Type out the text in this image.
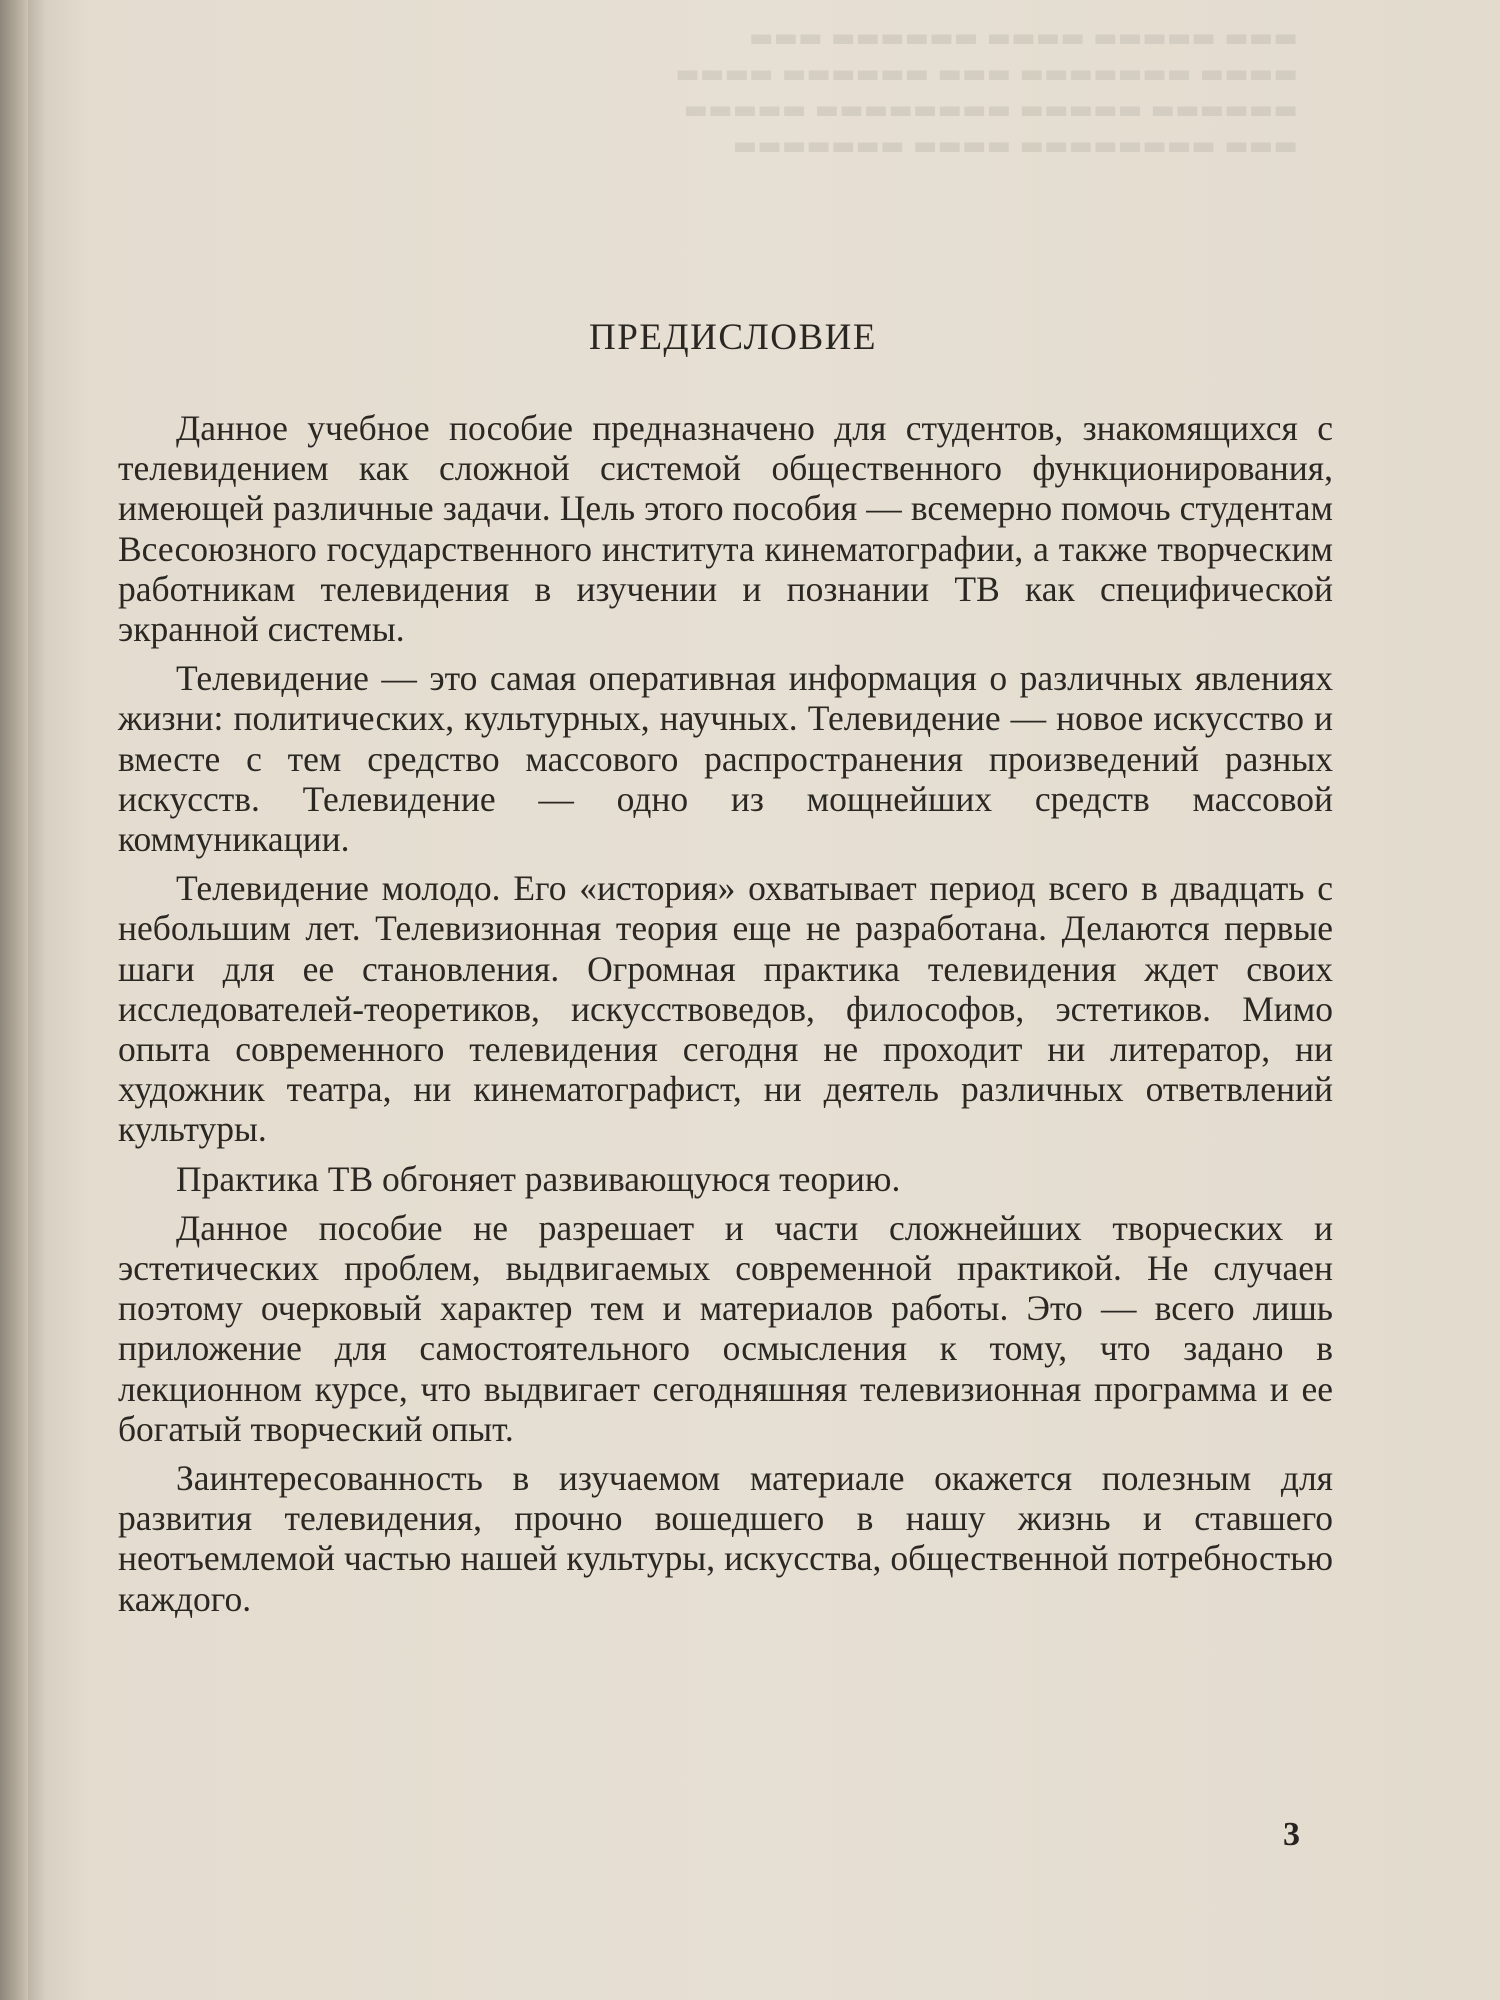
▬▬▬ ▬▬▬▬▬ ▬▬▬▬ ▬▬▬▬▬▬ ▬▬▬
▬▬▬▬ ▬▬▬▬▬▬▬ ▬▬▬ ▬▬▬▬▬▬ ▬▬▬▬
▬▬▬▬▬▬ ▬▬▬▬▬ ▬▬▬▬▬▬▬▬ ▬▬▬▬▬
▬▬▬ ▬▬▬▬▬▬▬▬ ▬▬▬▬ ▬▬▬▬▬▬▬
ПРЕДИСЛОВИЕ

Данное учебное пособие предназначено для студентов, знакомящихся с телевидением как сложной системой общественного функционирования, имеющей различные задачи. Цель этого пособия — всемерно помочь студентам Всесоюзного государственного института кинематографии, а также творческим работникам телевидения в изучении и познании ТВ как специфической экранной системы.

Телевидение — это самая оперативная информация о различных явлениях жизни: политических, культурных, научных. Телевидение — новое искусство и вместе с тем средство массового распространения произведений разных искусств. Телевидение — одно из мощнейших средств массовой коммуникации.

Телевидение молодо. Его «история» охватывает период всего в двадцать с небольшим лет. Телевизионная теория еще не разработана. Делаются первые шаги для ее становления. Огромная практика телевидения ждет своих исследователей-теоретиков, искусствоведов, философов, эстетиков. Мимо опыта современного телевидения сегодня не проходит ни литератор, ни художник театра, ни кинематографист, ни деятель различных ответвлений культуры.

Практика ТВ обгоняет развивающуюся теорию.

Данное пособие не разрешает и части сложнейших творческих и эстетических проблем, выдвигаемых современной практикой. Не случаен поэтому очерковый характер тем и материалов работы. Это — всего лишь приложение для самостоятельного осмысления к тому, что задано в лекционном курсе, что выдвигает сегодняшняя телевизионная программа и ее богатый творческий опыт.

Заинтересованность в изучаемом материале окажется полезным для развития телевидения, прочно вошедшего в нашу жизнь и ставшего неотъемлемой частью нашей культуры, искусства, общественной потребностью каждого.

3
